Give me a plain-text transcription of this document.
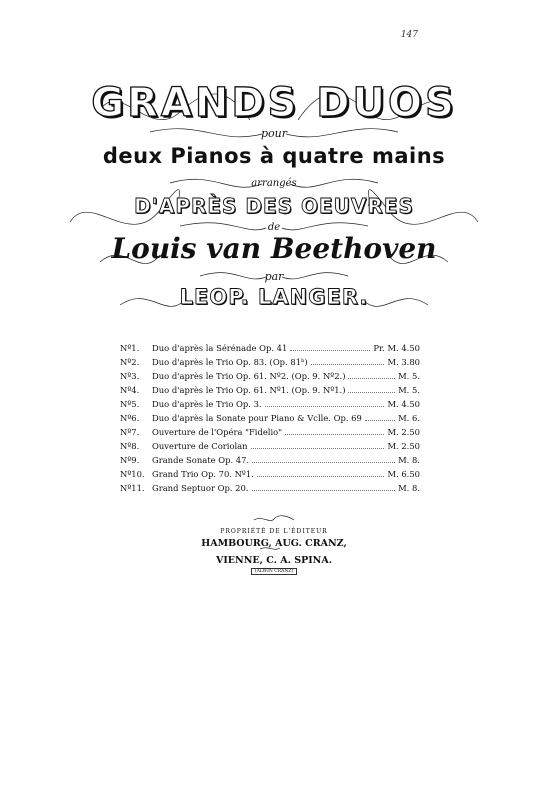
147
GRANDS DUOS
pour
deux Pianos à quatre mains
arrangés
D'APRÈS DES OEUVRES
de
Louis van Beethoven
par
LEOP. LANGER.
Nº1.	Duo d'après la Sérénade Op. 41	Pr. M. 4.50
Nº2.	Duo d'après le Trio Op. 83. (Op. 81ᵇ)	M. 3.80
Nº3.	Duo d'après le Trio Op. 61. Nº2. (Op. 9. Nº2.)	M. 5.
Nº4.	Duo d'après le Trio Op. 61. Nº1. (Op. 9. Nº1.)	M. 5.
Nº5.	Duo d'après le Trio Op. 3.	M. 4.50
Nº6.	Duo d'après la Sonate pour Piano & Vclle. Op. 69	M. 6.
Nº7.	Ouverture de l'Opéra "Fidelio"	M. 2.50
Nº8.	Ouverture de Coriolan	M. 2.50
Nº9.	Grande Sonate Op. 47.	M. 8.
Nº10. Grand Trio Op. 70. Nº1.	M. 6.50
Nº11. Grand Septuor Op. 20.	M. 8.
PROPRIÉTÉ DE L'ÉDITEUR
HAMBOURG, AUG. CRANZ,
VIENNE, C. A. SPINA.
(ALWIN CRANZ)
